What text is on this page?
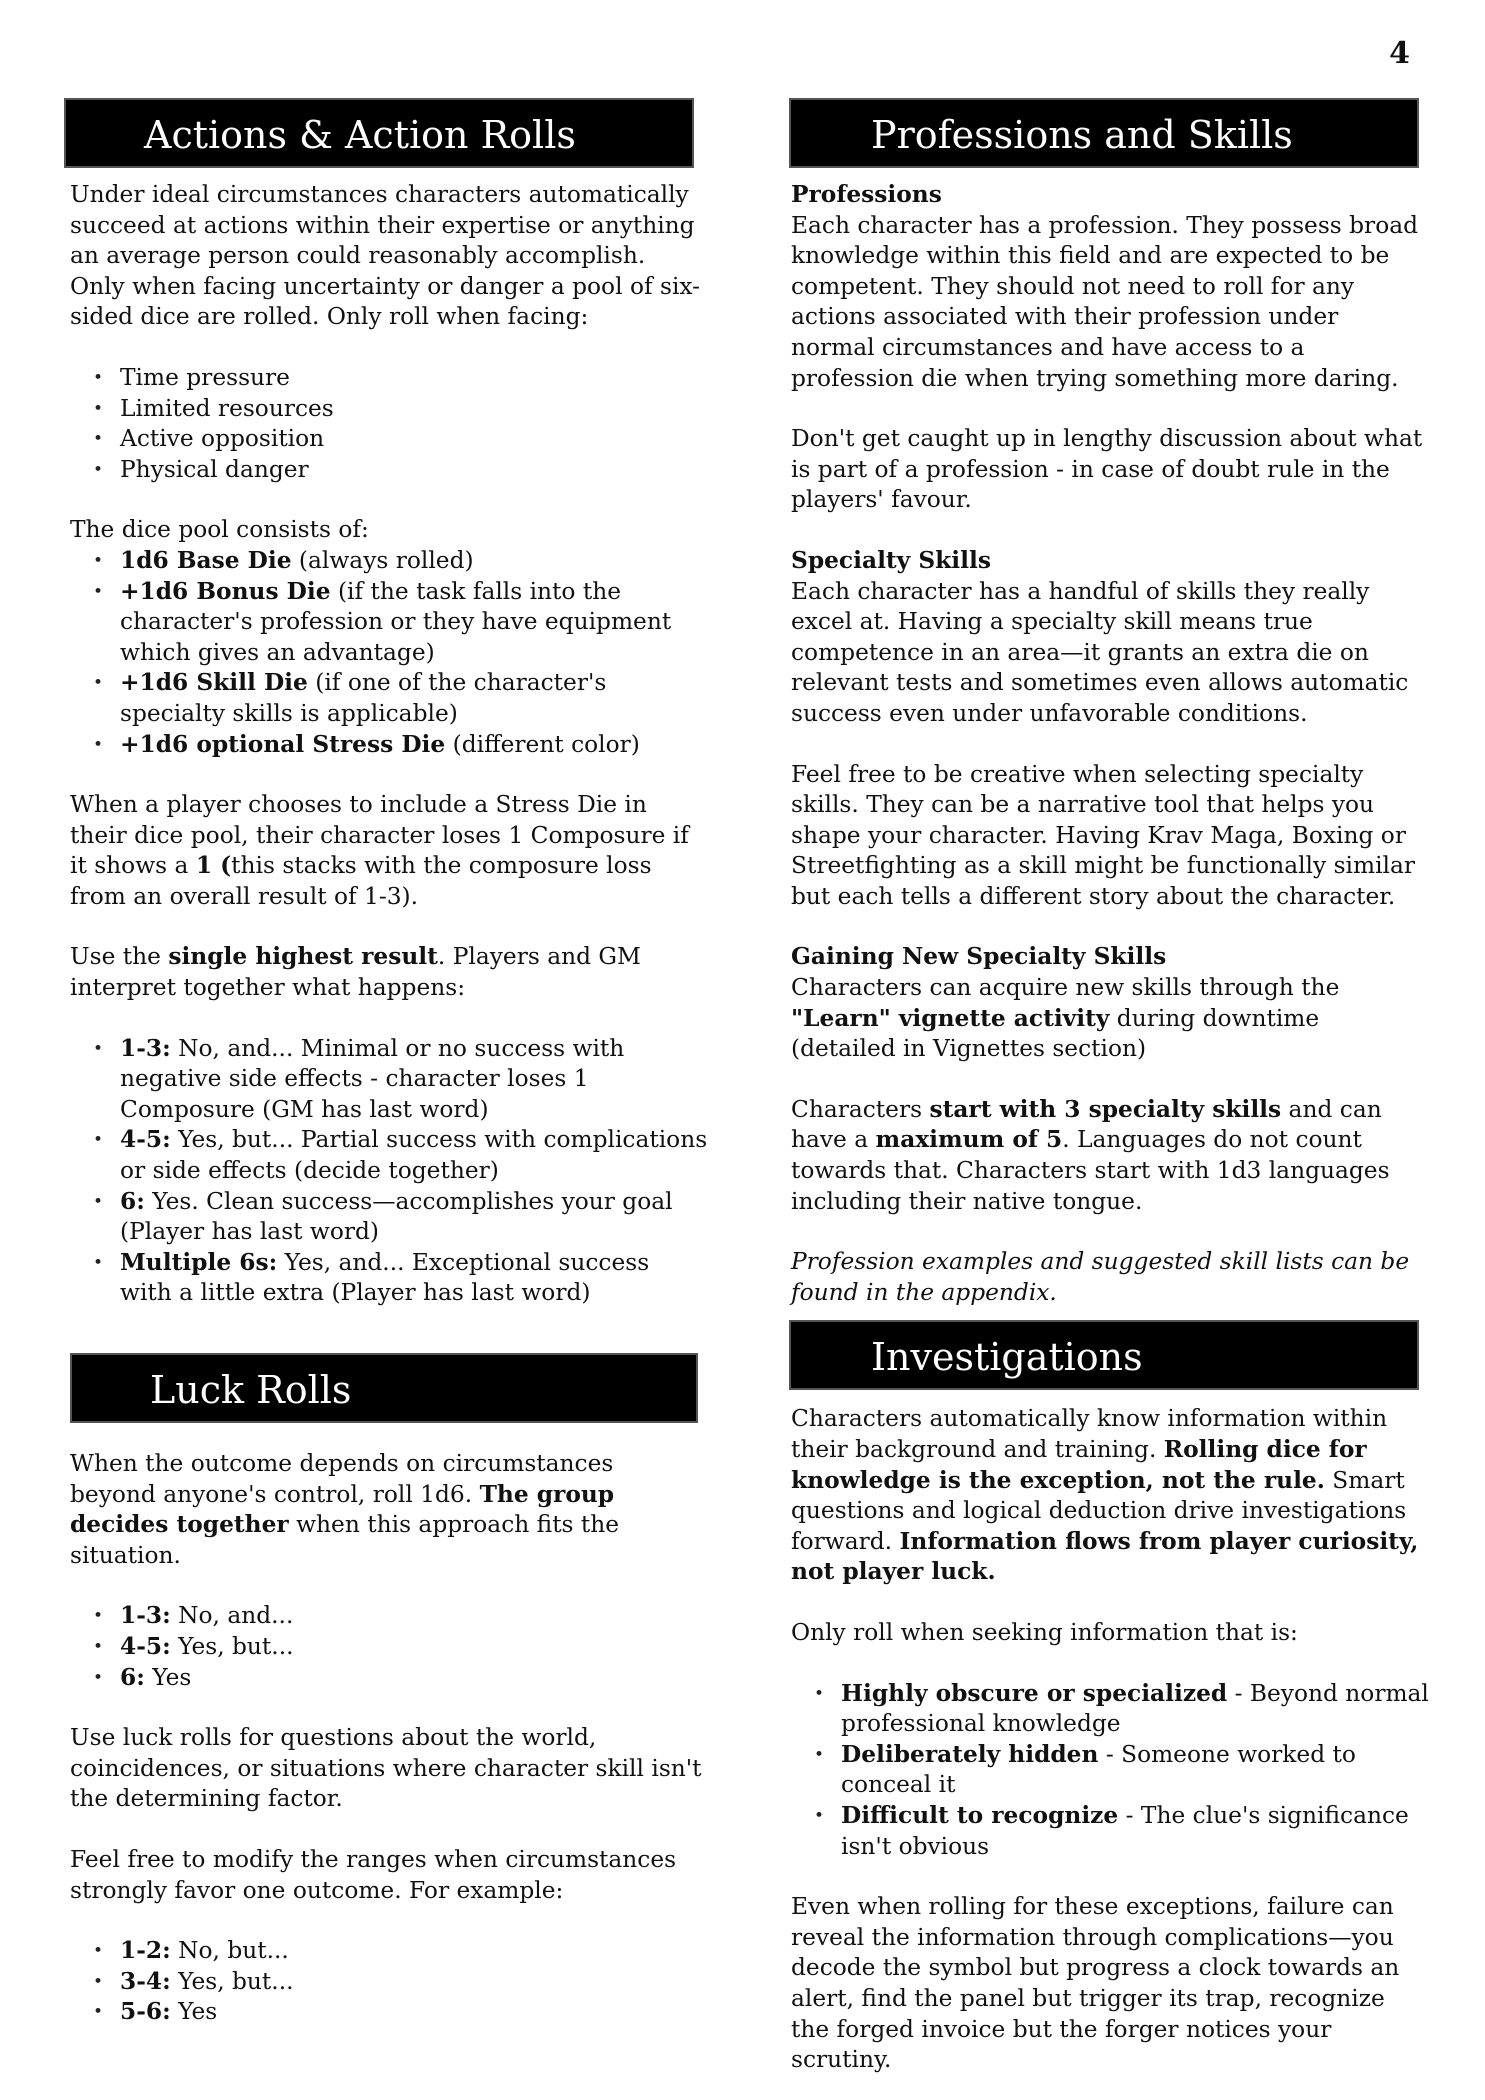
4
Actions & Action Rolls

Under ideal circumstances characters automatically succeed at actions within their expertise or anything an average person could reasonably accomplish. Only when facing uncertainty or danger a pool of six-sided dice are rolled. Only roll when facing:

• Time pressure
• Limited resources
• Active opposition
• Physical danger

The dice pool consists of:

• 1d6 Base Die (always rolled)
• +1d6 Bonus Die (if the task falls into the character's profession or they have equipment which gives an advantage)
• +1d6 Skill Die (if one of the character's specialty skills is applicable)
• +1d6 optional Stress Die (different color)

When a player chooses to include a Stress Die in their dice pool, their character loses 1 Composure if it shows a 1 (this stacks with the composure loss from an overall result of 1-3).

Use the single highest result. Players and GM interpret together what happens:

• 1-3: No, and... Minimal or no success with negative side effects - character loses 1 Composure (GM has last word)
• 4-5: Yes, but... Partial success with complications or side effects (decide together)
• 6: Yes. Clean success—accomplishes your goal (Player has last word)
• Multiple 6s: Yes, and... Exceptional success with a little extra (Player has last word)
Luck Rolls

When the outcome depends on circumstances beyond anyone's control, roll 1d6. The group decides together when this approach fits the situation.

• 1-3: No, and...
• 4-5: Yes, but...
• 6: Yes

Use luck rolls for questions about the world, coincidences, or situations where character skill isn't the determining factor.

Feel free to modify the ranges when circumstances strongly favor one outcome. For example:

• 1-2: No, but...
• 3-4: Yes, but...
• 5-6: Yes
Professions and Skills

Professions

Each character has a profession. They possess broad knowledge within this field and are expected to be competent. They should not need to roll for any actions associated with their profession under normal circumstances and have access to a profession die when trying something more daring.

Don't get caught up in lengthy discussion about what is part of a profession - in case of doubt rule in the players' favour.

Specialty Skills

Each character has a handful of skills they really excel at. Having a specialty skill means true competence in an area—it grants an extra die on relevant tests and sometimes even allows automatic success even under unfavorable conditions.

Feel free to be creative when selecting specialty skills. They can be a narrative tool that helps you shape your character. Having Krav Maga, Boxing or Streetfighting as a skill might be functionally similar but each tells a different story about the character.

Gaining New Specialty Skills

Characters can acquire new skills through the "Learn" vignette activity during downtime (detailed in Vignettes section)

Characters start with 3 specialty skills and can have a maximum of 5. Languages do not count towards that. Characters start with 1d3 languages including their native tongue.

Profession examples and suggested skill lists can be found in the appendix.

Investigations

Characters automatically know information within their background and training. Rolling dice for knowledge is the exception, not the rule. Smart questions and logical deduction drive investigations forward. Information flows from player curiosity, not player luck.

Only roll when seeking information that is:

• Highly obscure or specialized - Beyond normal professional knowledge
• Deliberately hidden - Someone worked to conceal it
• Difficult to recognize - The clue's significance isn't obvious

Even when rolling for these exceptions, failure can reveal the information through complications—you decode the symbol but progress a clock towards an alert, find the panel but trigger its trap, recognize the forged invoice but the forger notices your scrutiny.
